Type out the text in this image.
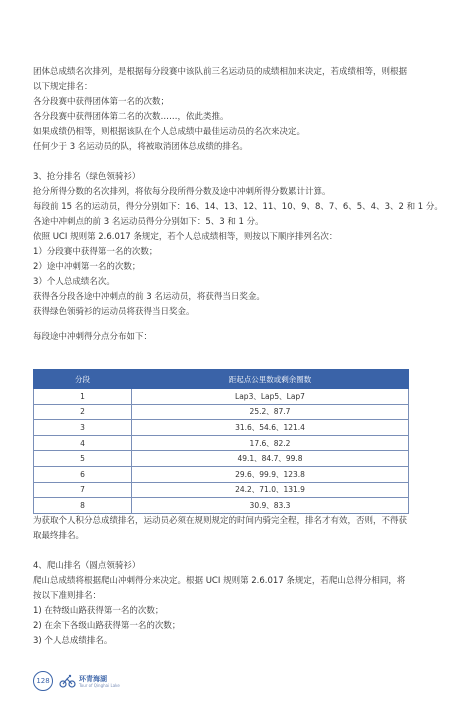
团体总成绩名次排列，是根据每分段赛中该队前三名运动员的成绩相加来决定，若成绩相等，则根据

以下规定排名：

各分段赛中获得团体第一名的次数；

各分段赛中获得团体第二名的次数……，依此类推。

如果成绩仍相等，则根据该队在个人总成绩中最佳运动员的名次来决定。

任何少于 3 名运动员的队，将被取消团体总成绩的排名。

3、抢分排名（绿色领骑衫）

抢分所得分数的名次排列，将依每分段所得分数及途中冲刺所得分数累计计算。

每段前 15 名的运动员，得分分别如下：16、14、13、12、11、10、9、8、7、6、5、4、3、2 和 1 分。

各途中冲刺点的前 3 名运动员得分分别如下：5、3 和 1 分。

依照 UCI 规则第 2.6.017 条规定，若个人总成绩相等，则按以下顺序排列名次：

1）分段赛中获得第一名的次数；

2）途中冲刺第一名的次数；

3）个人总成绩名次。

获得各分段各途中冲刺点的前 3 名运动员，将获得当日奖金。

获得绿色领骑衫的运动员将获得当日奖金。

每段途中冲刺得分点分布如下：

分段	距起点公里数或剩余圈数
1	Lap3、Lap5、Lap7
2	25.2、87.7
3	31.6、54.6、121.4
4	17.6、82.2
5	49.1、84.7、99.8
6	29.6、99.9、123.8
7	24.2、71.0、131.9
8	30.9、83.3

为获取个人积分总成绩排名，运动员必须在规则规定的时间内骑完全程，排名才有效，否则，不得获

取最终排名。

4、爬山排名（圆点领骑衫）

爬山总成绩将根据爬山冲刺得分来决定。根据 UCI 规则第 2.6.017 条规定，若爬山总得分相同，将

按以下准则排名：

1) 在特级山路获得第一名的次数；

2) 在余下各级山路获得第一名的次数；

3) 个人总成绩排名。

128	环青海湖
Tour of Qinghai Lake
